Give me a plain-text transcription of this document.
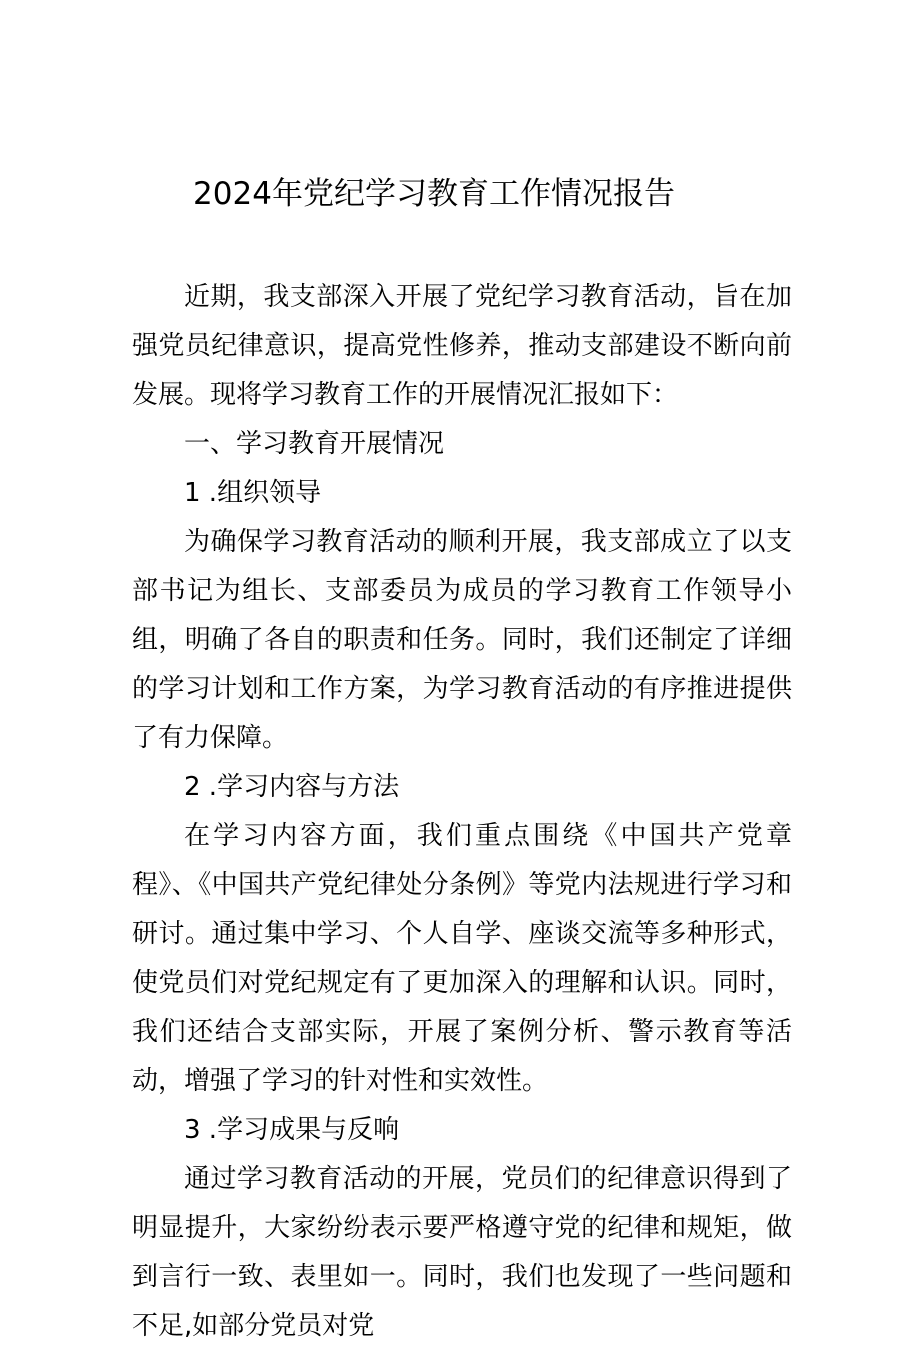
2024年党纪学习教育工作情况报告

近期，我支部深入开展了党纪学习教育活动，旨在加强党员纪律意识，提高党性修养，推动支部建设不断向前发展。现将学习教育工作的开展情况汇报如下：

一、学习教育开展情况

1 .组织领导

为确保学习教育活动的顺利开展，我支部成立了以支部书记为组长、支部委员为成员的学习教育工作领导小组，明确了各自的职责和任务。同时，我们还制定了详细的学习计划和工作方案，为学习教育活动的有序推进提供了有力保障。

2 .学习内容与方法

在学习内容方面，我们重点围绕《中国共产党章程》、《中国共产党纪律处分条例》等党内法规进行学习和研讨。通过集中学习、个人自学、座谈交流等多种形式，使党员们对党纪规定有了更加深入的理解和认识。同时，我们还结合支部实际，开展了案例分析、警示教育等活动，增强了学习的针对性和实效性。

3 .学习成果与反响

通过学习教育活动的开展，党员们的纪律意识得到了明显提升，大家纷纷表示要严格遵守党的纪律和规矩，做到言行一致、表里如一。同时，我们也发现了一些问题和不足,如部分党员对党
